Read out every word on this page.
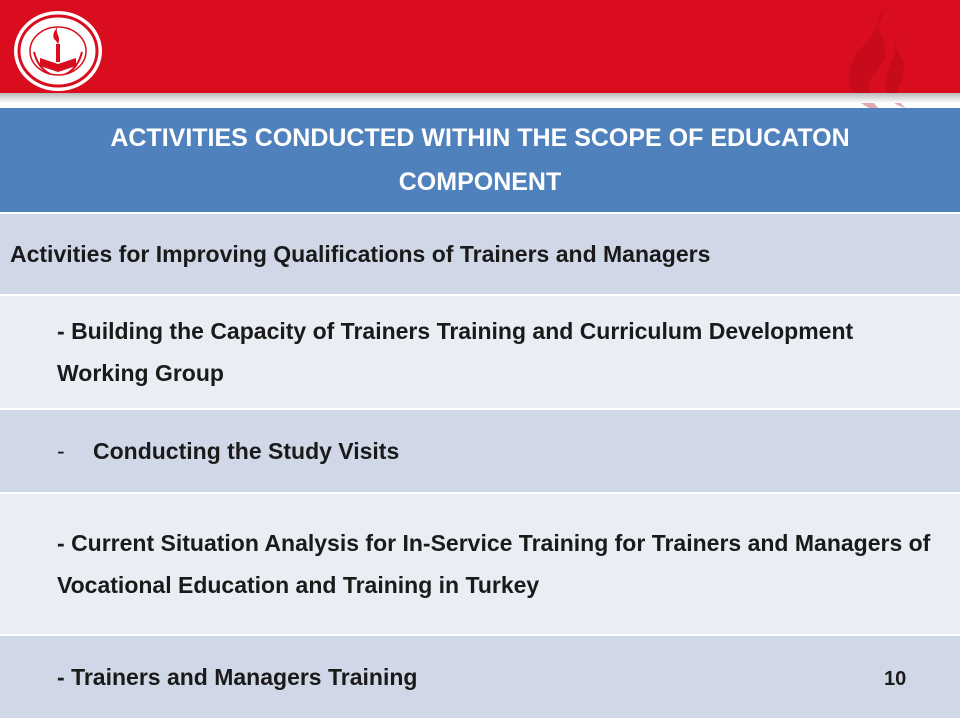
ACTIVITIES CONDUCTED WITHIN THE SCOPE OF EDUCATON COMPONENT
Activities for Improving Qualifications of Trainers and Managers
- Building the Capacity of Trainers Training and Curriculum Development Working Group
-	Conducting the Study Visits
- Current Situation Analysis for In-Service Training for Trainers and Managers of Vocational Education and Training in Turkey
- Trainers and Managers Training	10
